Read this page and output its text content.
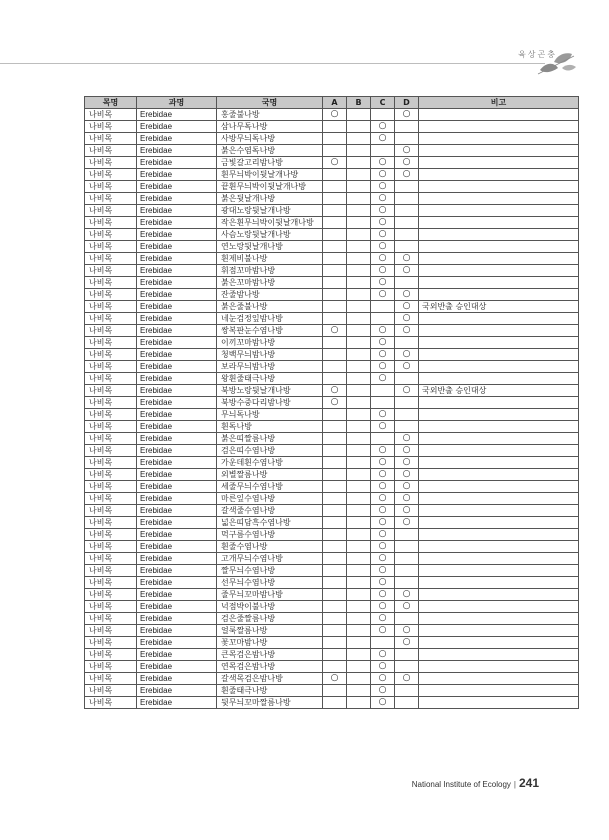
육상곤충
목명	과명	국명	A	B	C	D	비고
나비목	Erebidae	홍줄불나방	○			○	
나비목	Erebidae	삼나무독나방			○		
나비목	Erebidae	사방무늬독나방			○		
나비목	Erebidae	붉은수염독나방				○	
나비목	Erebidae	금빛갈고리밤나방	○		○	○	
나비목	Erebidae	흰무늬박이뒷날개나방			○	○	
나비목	Erebidae	끝흰무늬박이뒷날개나방			○		
나비목	Erebidae	붉은뒷날개나방			○		
나비목	Erebidae	광대노랑뒷날개나방			○		
나비목	Erebidae	작은흰무늬박이뒷날개나방			○		
나비목	Erebidae	사슴노랑뒷날개나방			○		
나비목	Erebidae	연노랑뒷날개나방			○		
나비목	Erebidae	흰제비불나방			○	○	
나비목	Erebidae	휘점꼬마밤나방			○	○	
나비목	Erebidae	붉은꼬마밤나방			○		
나비목	Erebidae	잔줄밤나방			○	○	
나비목	Erebidae	붉은줄불나방				○	국외반출 승인대상
나비목	Erebidae	네눈검정잎밤나방				○	
나비목	Erebidae	쌍복판눈수염나방	○		○	○	
나비목	Erebidae	이끼꼬마밤나방			○		
나비목	Erebidae	청백무늬밤나방			○	○	
나비목	Erebidae	보라무늬밤나방			○	○	
나비목	Erebidae	왕흰줄태극나방			○		
나비목	Erebidae	북방노랑뒷날개나방	○			○	국외반출 승인대상
나비목	Erebidae	북방수중다리밤나방	○				
나비목	Erebidae	무늬독나방			○		
나비목	Erebidae	흰독나방			○		
나비목	Erebidae	붉은띠짤름나방				○	
나비목	Erebidae	검은띠수염나방			○	○	
나비목	Erebidae	가운데흰수염나방			○	○	
나비목	Erebidae	외별짤름나방			○	○	
나비목	Erebidae	세줄무늬수염나방			○	○	
나비목	Erebidae	마른잎수염나방			○	○	
나비목	Erebidae	갈색줄수염나방			○	○	
나비목	Erebidae	넓은띠담흑수염나방			○	○	
나비목	Erebidae	먹구름수염나방			○		
나비목	Erebidae	흰줄수염나방			○		
나비목	Erebidae	고개무늬수염나방			○		
나비목	Erebidae	짤무늬수염나방			○		
나비목	Erebidae	선무늬수염나방			○		
나비목	Erebidae	줄무늬꼬마밤나방			○	○	
나비목	Erebidae	넉점박이불나방			○	○	
나비목	Erebidae	검은줄짤름나방			○		
나비목	Erebidae	얼룩짤름나방			○	○	
나비목	Erebidae	꽃꼬마밤나방				○	
나비목	Erebidae	큰목검은밤나방			○		
나비목	Erebidae	연목검은밤나방			○		
나비목	Erebidae	갈색목검은밤나방	○		○	○	
나비목	Erebidae	흰줄태극나방			○		
나비목	Erebidae	뒷무늬꼬마짤름나방			○		
National Institute of Ecology | 241
